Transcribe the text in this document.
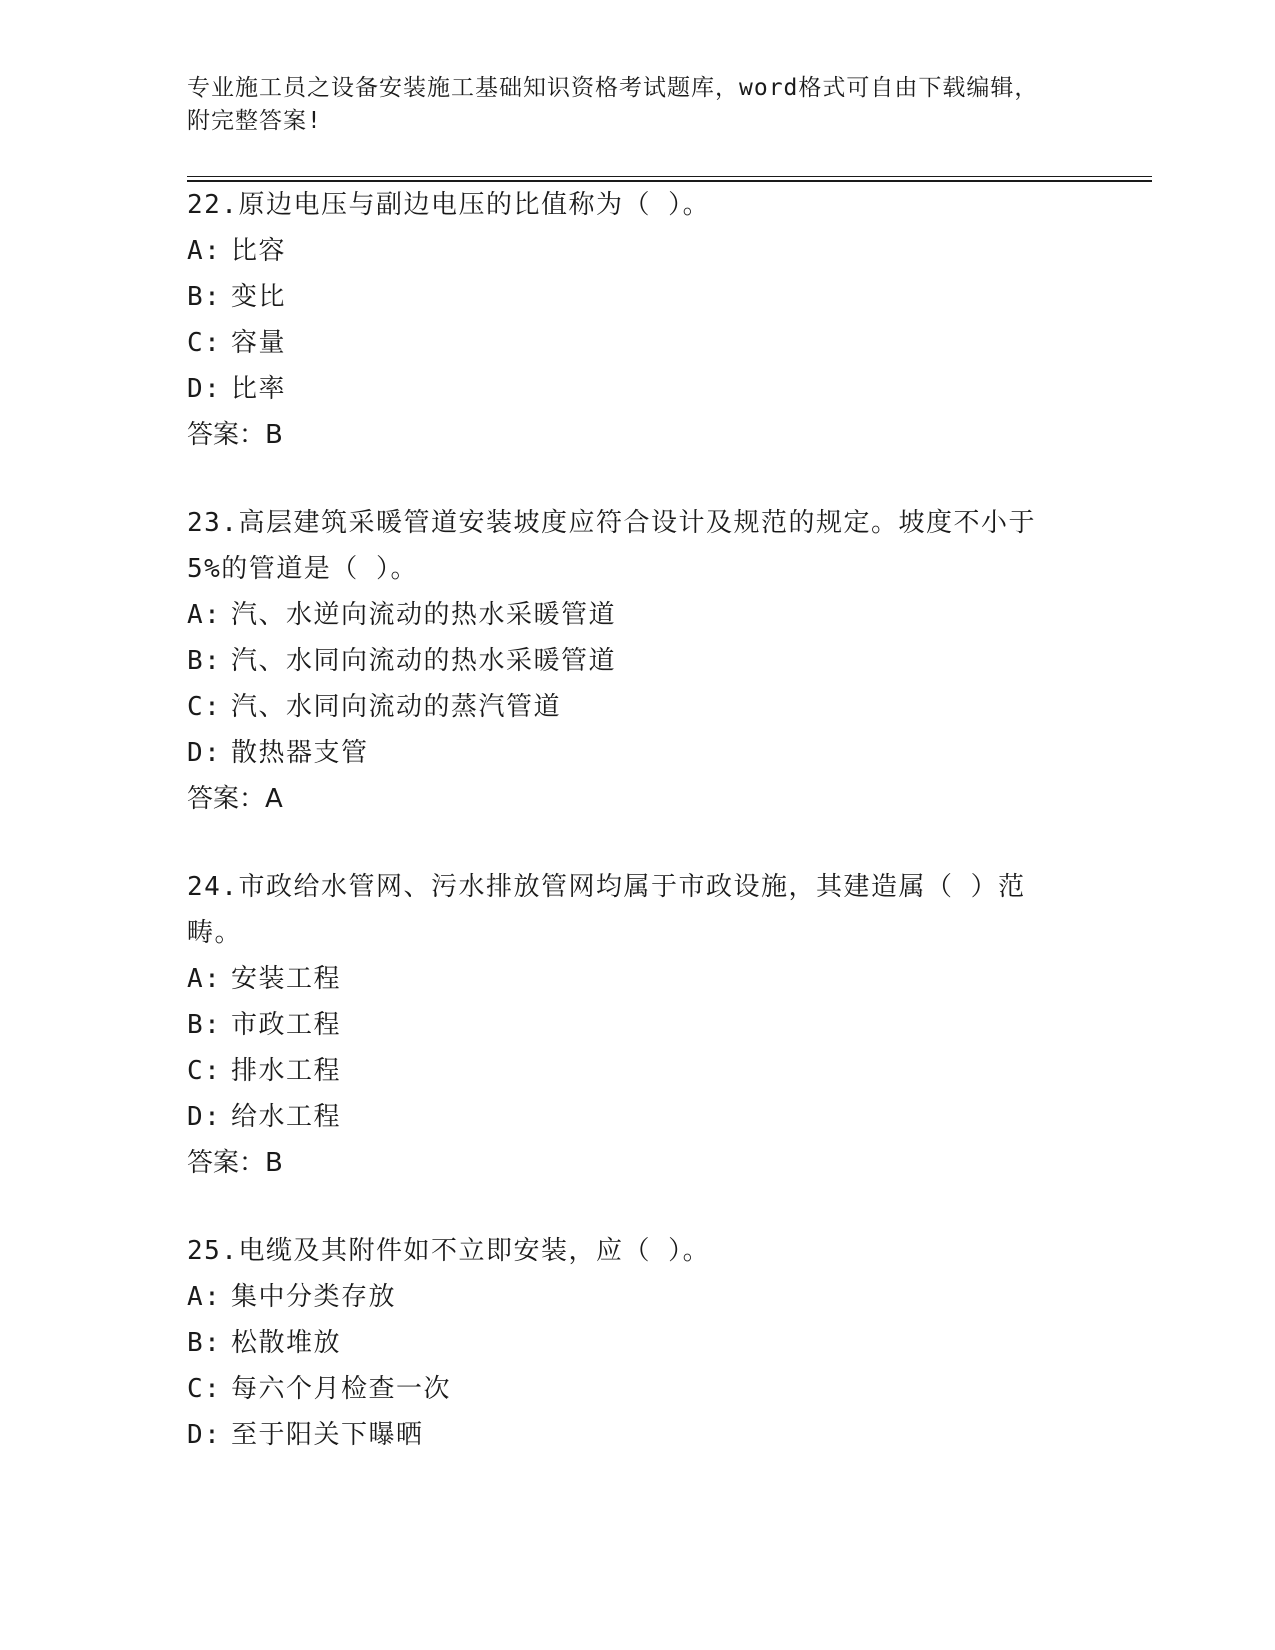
专业施工员之设备安装施工基础知识资格考试题库，word格式可自由下载编辑，
附完整答案!

22.原边电压与副边电压的比值称为（ ）。

A: 比容

B: 变比

C: 容量

D: 比率

答案：B

23.高层建筑采暖管道安装坡度应符合设计及规范的规定。坡度不小于5%的管道是（ ）。

A: 汽、水逆向流动的热水采暖管道

B: 汽、水同向流动的热水采暖管道

C: 汽、水同向流动的蒸汽管道

D: 散热器支管

答案：A

24.市政给水管网、污水排放管网均属于市政设施，其建造属（ ）范畴。

A: 安装工程

B: 市政工程

C: 排水工程

D: 给水工程

答案：B

25.电缆及其附件如不立即安装，应（ ）。

A: 集中分类存放

B: 松散堆放

C: 每六个月检查一次

D: 至于阳关下曝晒
